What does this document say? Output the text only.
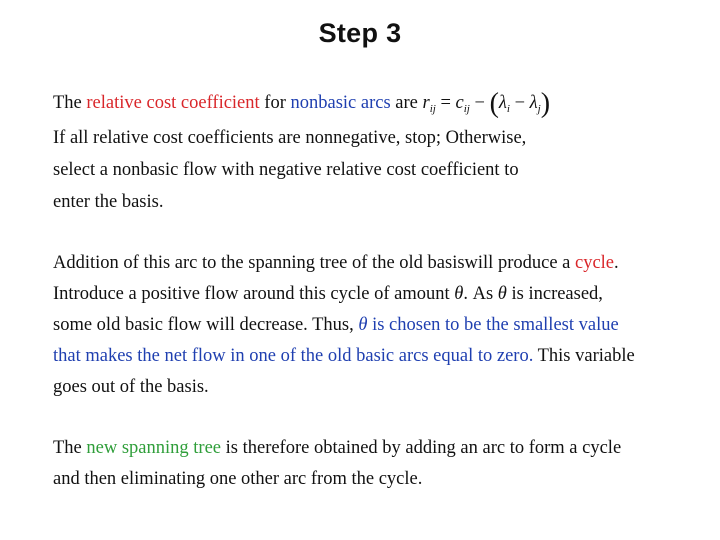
Step 3
The relative cost coefficient for nonbasic arcs are $r_{ij} = c_{ij} - (\lambda_i - \lambda_j)$
If all relative cost coefficients are nonnegative, stop; Otherwise,
select a nonbasic flow with negative relative cost coefficient to
enter the basis.
Addition of this arc to the spanning tree of the old basiswill produce a cycle.
Introduce a positive flow around this cycle of amount θ. As θ is increased,
some old basic flow will decrease. Thus, θ is chosen to be the smallest value
that makes the net flow in one of the old basic arcs equal to zero. This variable
goes out of the basis.
The new spanning tree is therefore obtained by adding an arc to form a cycle
and then eliminating one other arc from the cycle.
